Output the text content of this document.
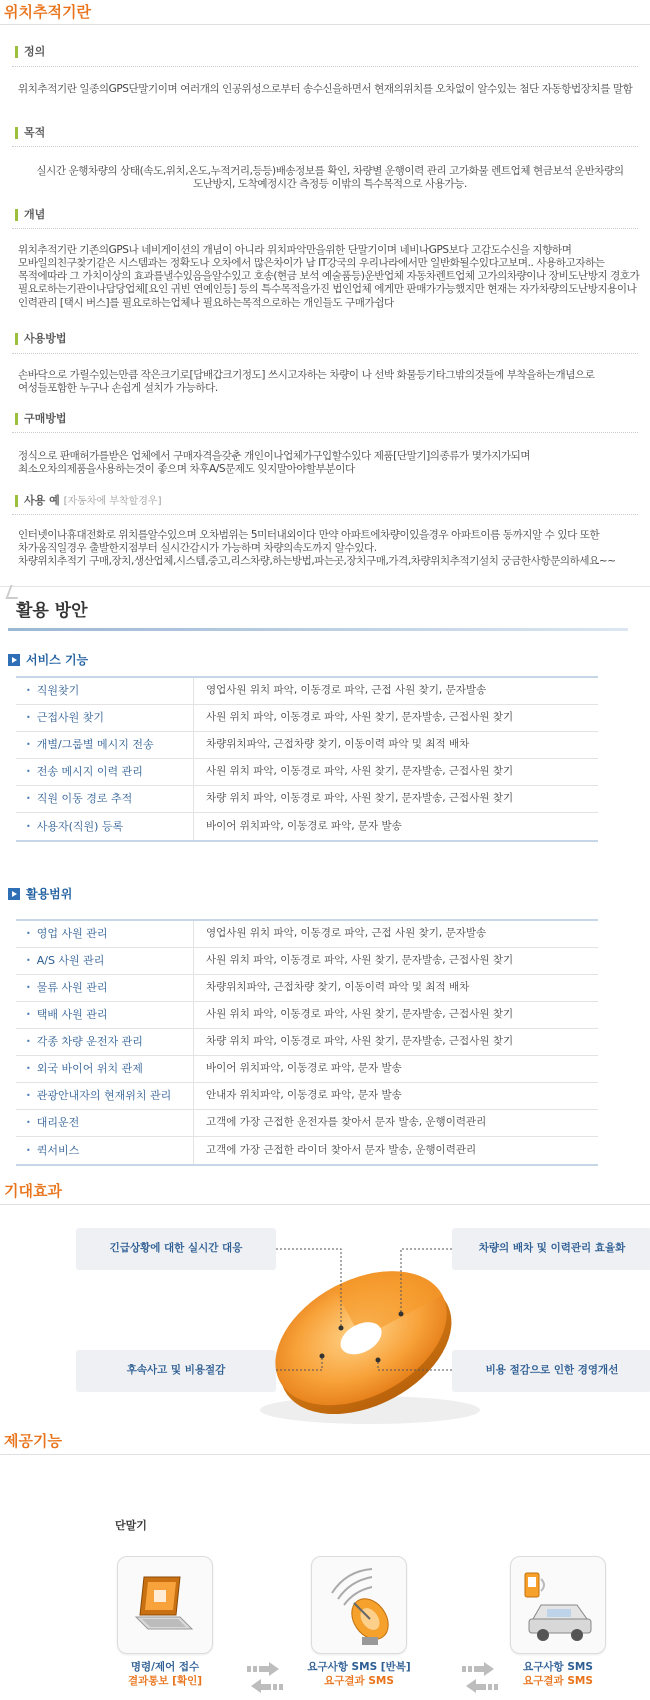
위치추적기란
정의
위치추적기란 일종의GPS단말기이며 여러개의 인공위성으로부터 송수신을하면서 현재의위치를 오차없이 알수있는 첨단 자동항법장치를 말함
목적
실시간 운행차량의 상태(속도,위치,온도,누적거리,등등)배송정보를 확인, 차량별 운행이력 관리 고가화물 렌트업체 현금보석 운반차량의 도난방지, 도착예정시간 측정등 이밖의 특수목적으로 사용가능.
개념
위치추적기란 기존의GPS나 네비게이션의 개념이 아니라 위치파악만을위한 단말기이며 네비나GPS보다 고감도수신을 지향하며 모바일의친구찾기같은 시스템과는 정확도나 오차에서 많은차이가 남 IT강국의 우리나라에서만 일반화될수있다고보며.. 사용하고자하는 목적에따라 그 가치이상의 효과를낼수있음을알수있고 호송(현금 보석 예술품등)운반업체 자동차렌트업체 고가의차량이나 장비도난방지 경호가 필요로하는기관이나담당업체[요인 귀빈 연예인등] 등의 특수목적을가진 법인업체 에게만 판매가가능했지만 현재는 자가차량의도난방지용이나 인력관리 [택시 버스]를 필요로하는업체나 필요하는목적으로하는 개인들도 구매가쉽다
사용방법
손바닥으로 가릴수있는만큼 작은크기로[담배갑크기정도] 쓰시고자하는 차량이 나 선박 화물등기타그밖의것들에 부착을하는개념으로 여성들포함한 누구나 손쉽게 설치가 가능하다.
구매방법
정식으로 판매허가를받은 업체에서 구매자격을갖춘 개인이나업체가구입할수있다 제품[단말기]의종류가 몇가지가되며 최소오차의제품을사용하는것이 좋으며 차후A/S문제도 잊지말아야할부분이다
사용 예 [자동차에 부착할경우]
인터넷이나휴대전화로 위치를알수있으며 오차범위는 5미터내외이다 만약 아파트에차량이있을경우 아파트이름 동까지알 수 있다 또한 차가움직일경우 출발한지점부터 실시간감시가 가능하며 차량의속도까지 알수있다.
차량위치추적기 구매,장치,생산업체,시스템,중고,리스차량,하는방법,파는곳,장치구매,가격,차량위치추적기설치 궁금한사항문의하세요~~
활용 방안
서비스 기능
• 직원찾기	영업사원 위치 파악, 이동경로 파악, 근접 사원 찾기, 문자발송
• 근접사원 찾기	사원 위치 파악, 이동경로 파악, 사원 찾기, 문자발송, 근접사원 찾기
• 개별/그룹별 메시지 전송	차량위치파악, 근접차량 찾기, 이동이력 파악 및 최적 배차
• 전송 메시지 이력 관리	사원 위치 파악, 이동경로 파악, 사원 찾기, 문자발송, 근접사원 찾기
• 직원 이동 경로 추적	차량 위치 파악, 이동경로 파악, 사원 찾기, 문자발송, 근접사원 찾기
• 사용자(직원) 등록	바이어 위치파악, 이동경로 파악, 문자 발송
활용범위
• 영업 사원 관리	영업사원 위치 파악, 이동경로 파악, 근접 사원 찾기, 문자발송
• A/S 사원 관리	사원 위치 파악, 이동경로 파악, 사원 찾기, 문자발송, 근접사원 찾기
• 물류 사원 관리	차량위치파악, 근접차량 찾기, 이동이력 파악 및 최적 배차
• 택배 사원 관리	사원 위치 파악, 이동경로 파악, 사원 찾기, 문자발송, 근접사원 찾기
• 각종 차량 운전자 관리	차량 위치 파악, 이동경로 파악, 사원 찾기, 문자발송, 근접사원 찾기
• 외국 바이어 위치 관제	바이어 위치파악, 이동경로 파악, 문자 발송
• 관광안내자의 현재위치 관리	안내자 위치파악, 이동경로 파악, 문자 발송
• 대리운전	고객에 가장 근접한 운전자를 찾아서 문자 발송, 운행이력관리
• 퀵서비스	고객에 가장 근접한 라이더 찾아서 문자 발송, 운행이력관리
기대효과
긴급상황에 대한 실시간 대응	차량의 배차 및 이력관리 효율화
후속사고 및 비용절감	비용 절감으로 인한 경영개선
제공기능
단말기
명령/제어 접수
결과통보 [확인]
요구사항 SMS [반복]
요구결과 SMS
요구사항 SMS
요구결과 SMS
